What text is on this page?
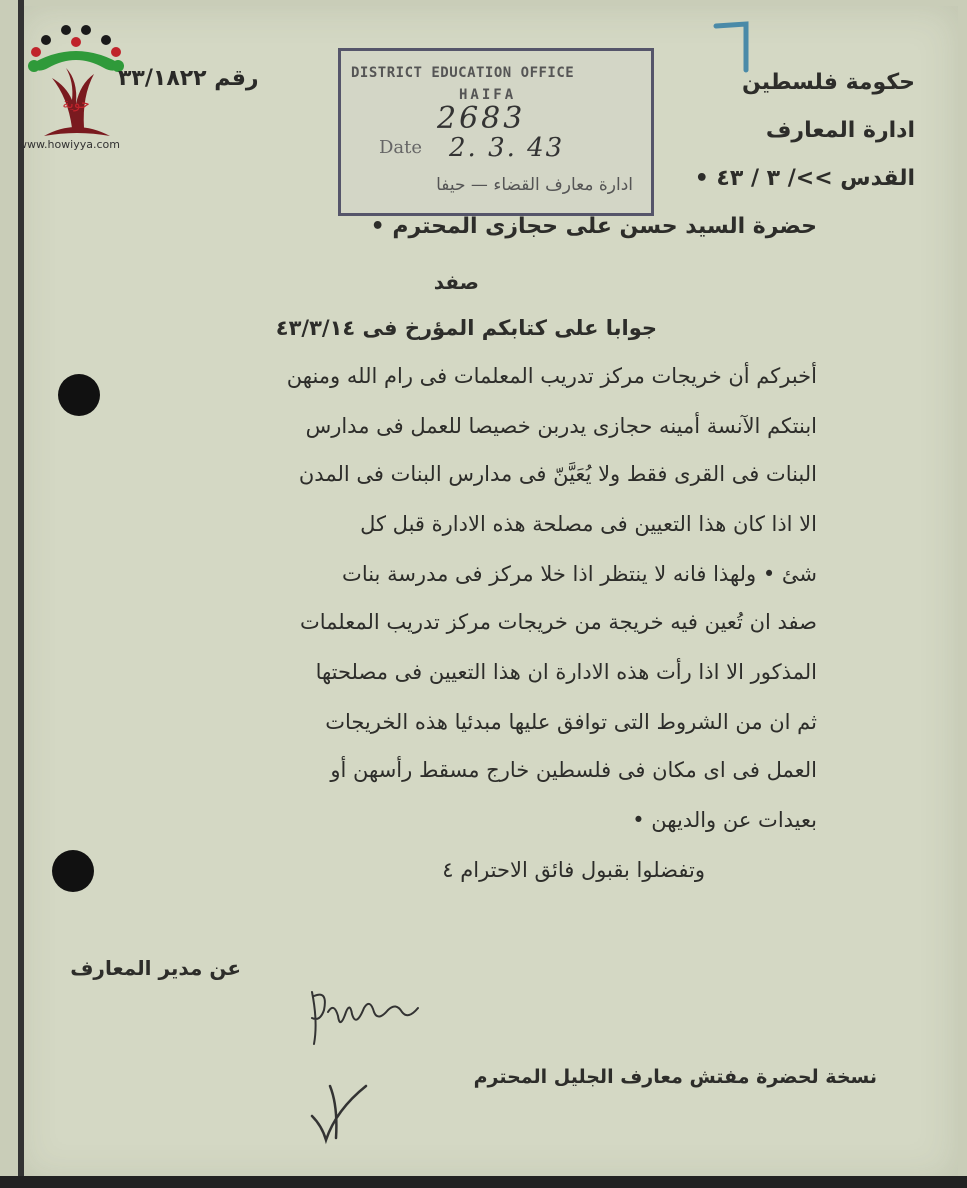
حوية
www.howiyya.com
7
حكومة فلسطين
ادارة المعارف
القدس >>/ ٣ / ٤٣ •
رقم ٣٣/١٨٢٢	DISTRICT EDUCATION OFFICE
HAIFA
2683
Date 2. 3. 43
ادارة معارف القضاء — حيفا
حضرة السيد حسن على حجازى المحترم •
صفد
جوابا على كتابكم المؤرخ فى ٤٣/٣/١٤
أخبركم أن خريجات مركز تدريب المعلمات فى رام الله ومنهن
ابنتكم الآنسة أمينه حجازى يدربن خصيصا للعمل فى مدارس
البنات فى القرى فقط ولا يُعَيَّنّ فى مدارس البنات فى المدن
الا اذا كان هذا التعيين فى مصلحة هذه الادارة قبل كل
شئ • ولهذا فانه لا ينتظر اذا خلا مركز فى مدرسة بنات
صفد ان تُعين فيه خريجة من خريجات مركز تدريب المعلمات
المذكور الا اذا رأت هذه الادارة ان هذا التعيين فى مصلحتها
ثم ان من الشروط التى توافق عليها مبدئيا هذه الخريجات
العمل فى اى مكان فى فلسطين خارج مسقط رأسهن أو
بعيدات عن والديهن •
وتفضلوا بقبول فائق الاحترام ٤
عن مدير المعارف
Brayton
نسخة لحضرة مفتش معارف الجليل المحترم
